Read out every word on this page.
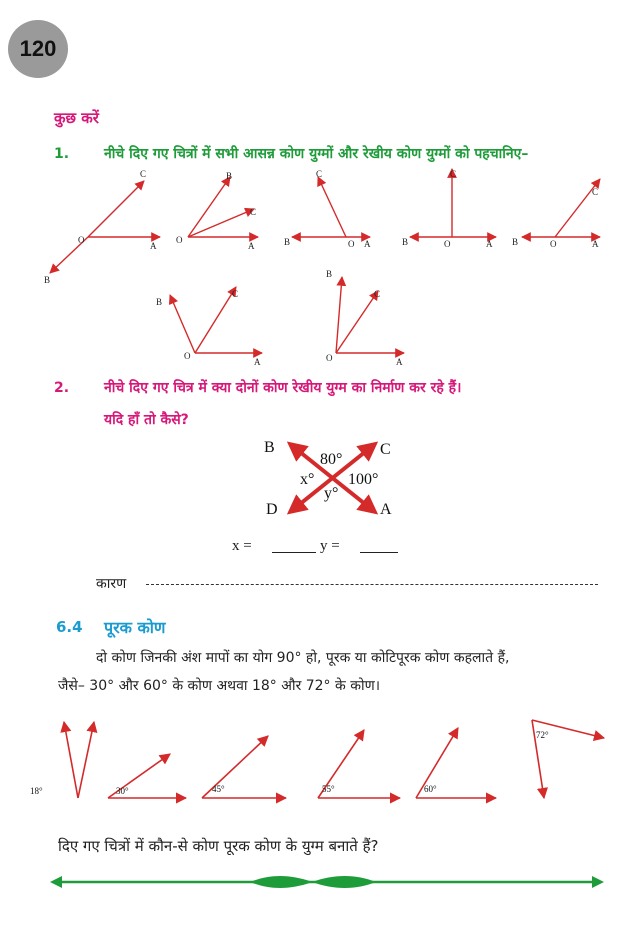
120
कुछ करें
1. नीचे दिए गए चित्रों में सभी आसन्न कोण युग्मों और रेखीय कोण युग्मों को पहचानिए–
C
O
A
B
B
C
O
A
C
B	O A
C
B	O	A
C
B	O	A
B
C
O
A
B
C
O	A
2. नीचे दिए गए चित्र में क्या दोनों कोण रेखीय युग्म का निर्माण कर रहे हैं।
यदि हाँ तो कैसे?
B	C
D	A
80°
x° 100°
y°
x =	y =
कारण
6.4 पूरक कोण
दो कोण जिनकी अंश मापों का योग 90° हो, पूरक या कोटिपूरक कोण कहलाते हैं,
जैसे– 30° और 60° के कोण अथवा 18° और 72° के कोण।
18°	30°	45°	55°	60°
72°
दिए गए चित्रों में कौन-से कोण पूरक कोण के युग्म बनाते हैं?
